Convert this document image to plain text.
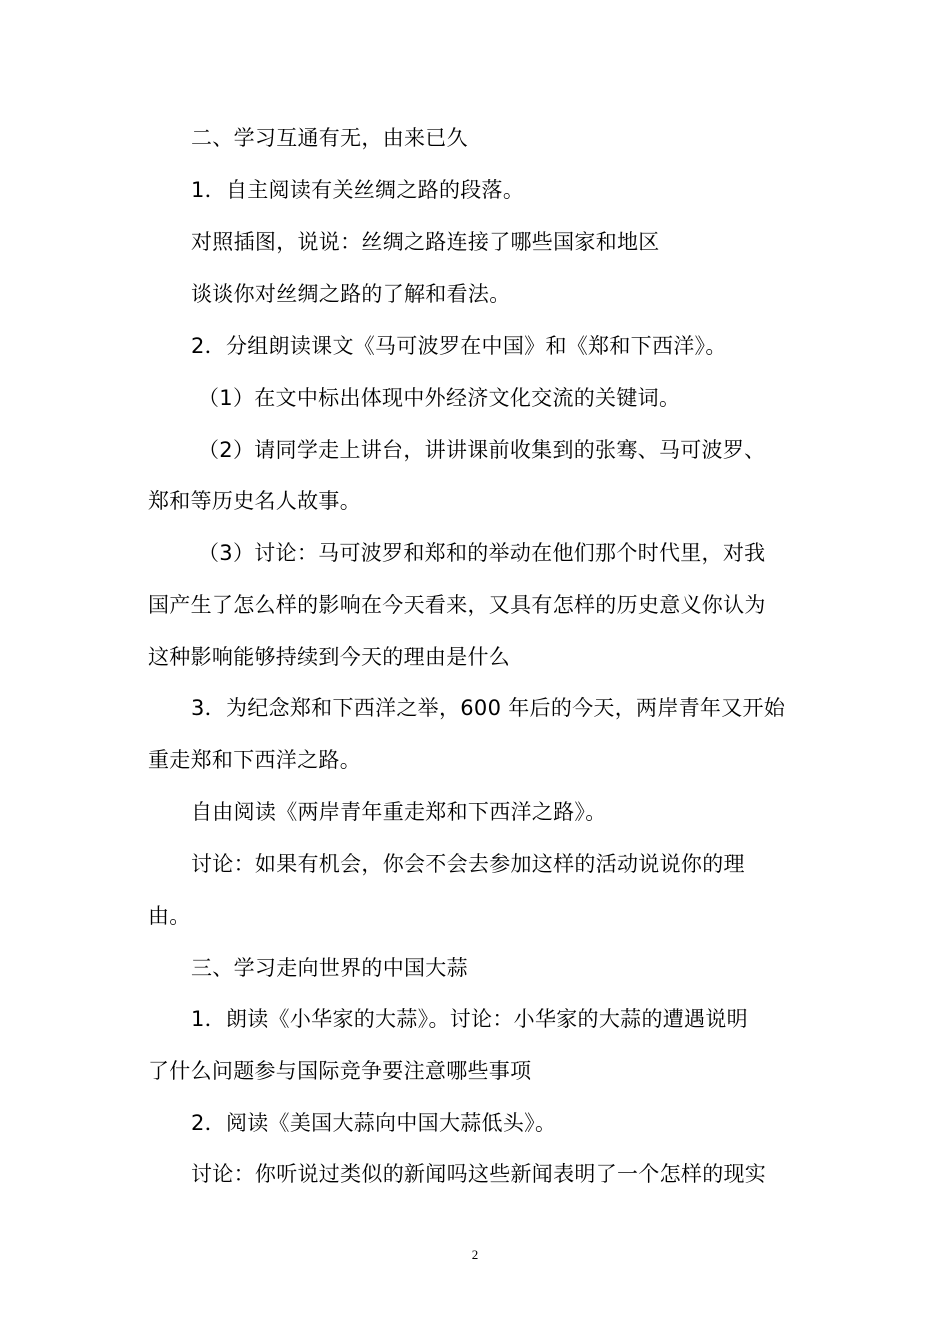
二、学习互通有无，由来已久
1．自主阅读有关丝绸之路的段落。
对照插图，说说：丝绸之路连接了哪些国家和地区
谈谈你对丝绸之路的了解和看法。
2．分组朗读课文《马可波罗在中国》和《郑和下西洋》。
（1）在文中标出体现中外经济文化交流的关键词。
（2）请同学走上讲台，讲讲课前收集到的张骞、马可波罗、
郑和等历史名人故事。
（3）讨论：马可波罗和郑和的举动在他们那个时代里，对我
国产生了怎么样的影响在今天看来，又具有怎样的历史意义你认为
这种影响能够持续到今天的理由是什么
3．为纪念郑和下西洋之举，600 年后的今天，两岸青年又开始
重走郑和下西洋之路。
自由阅读《两岸青年重走郑和下西洋之路》。
讨论：如果有机会，你会不会去参加这样的活动说说你的理
由。
三、学习走向世界的中国大蒜
1．朗读《小华家的大蒜》。讨论：小华家的大蒜的遭遇说明
了什么问题参与国际竞争要注意哪些事项
2．阅读《美国大蒜向中国大蒜低头》。
讨论：你听说过类似的新闻吗这些新闻表明了一个怎样的现实
2
